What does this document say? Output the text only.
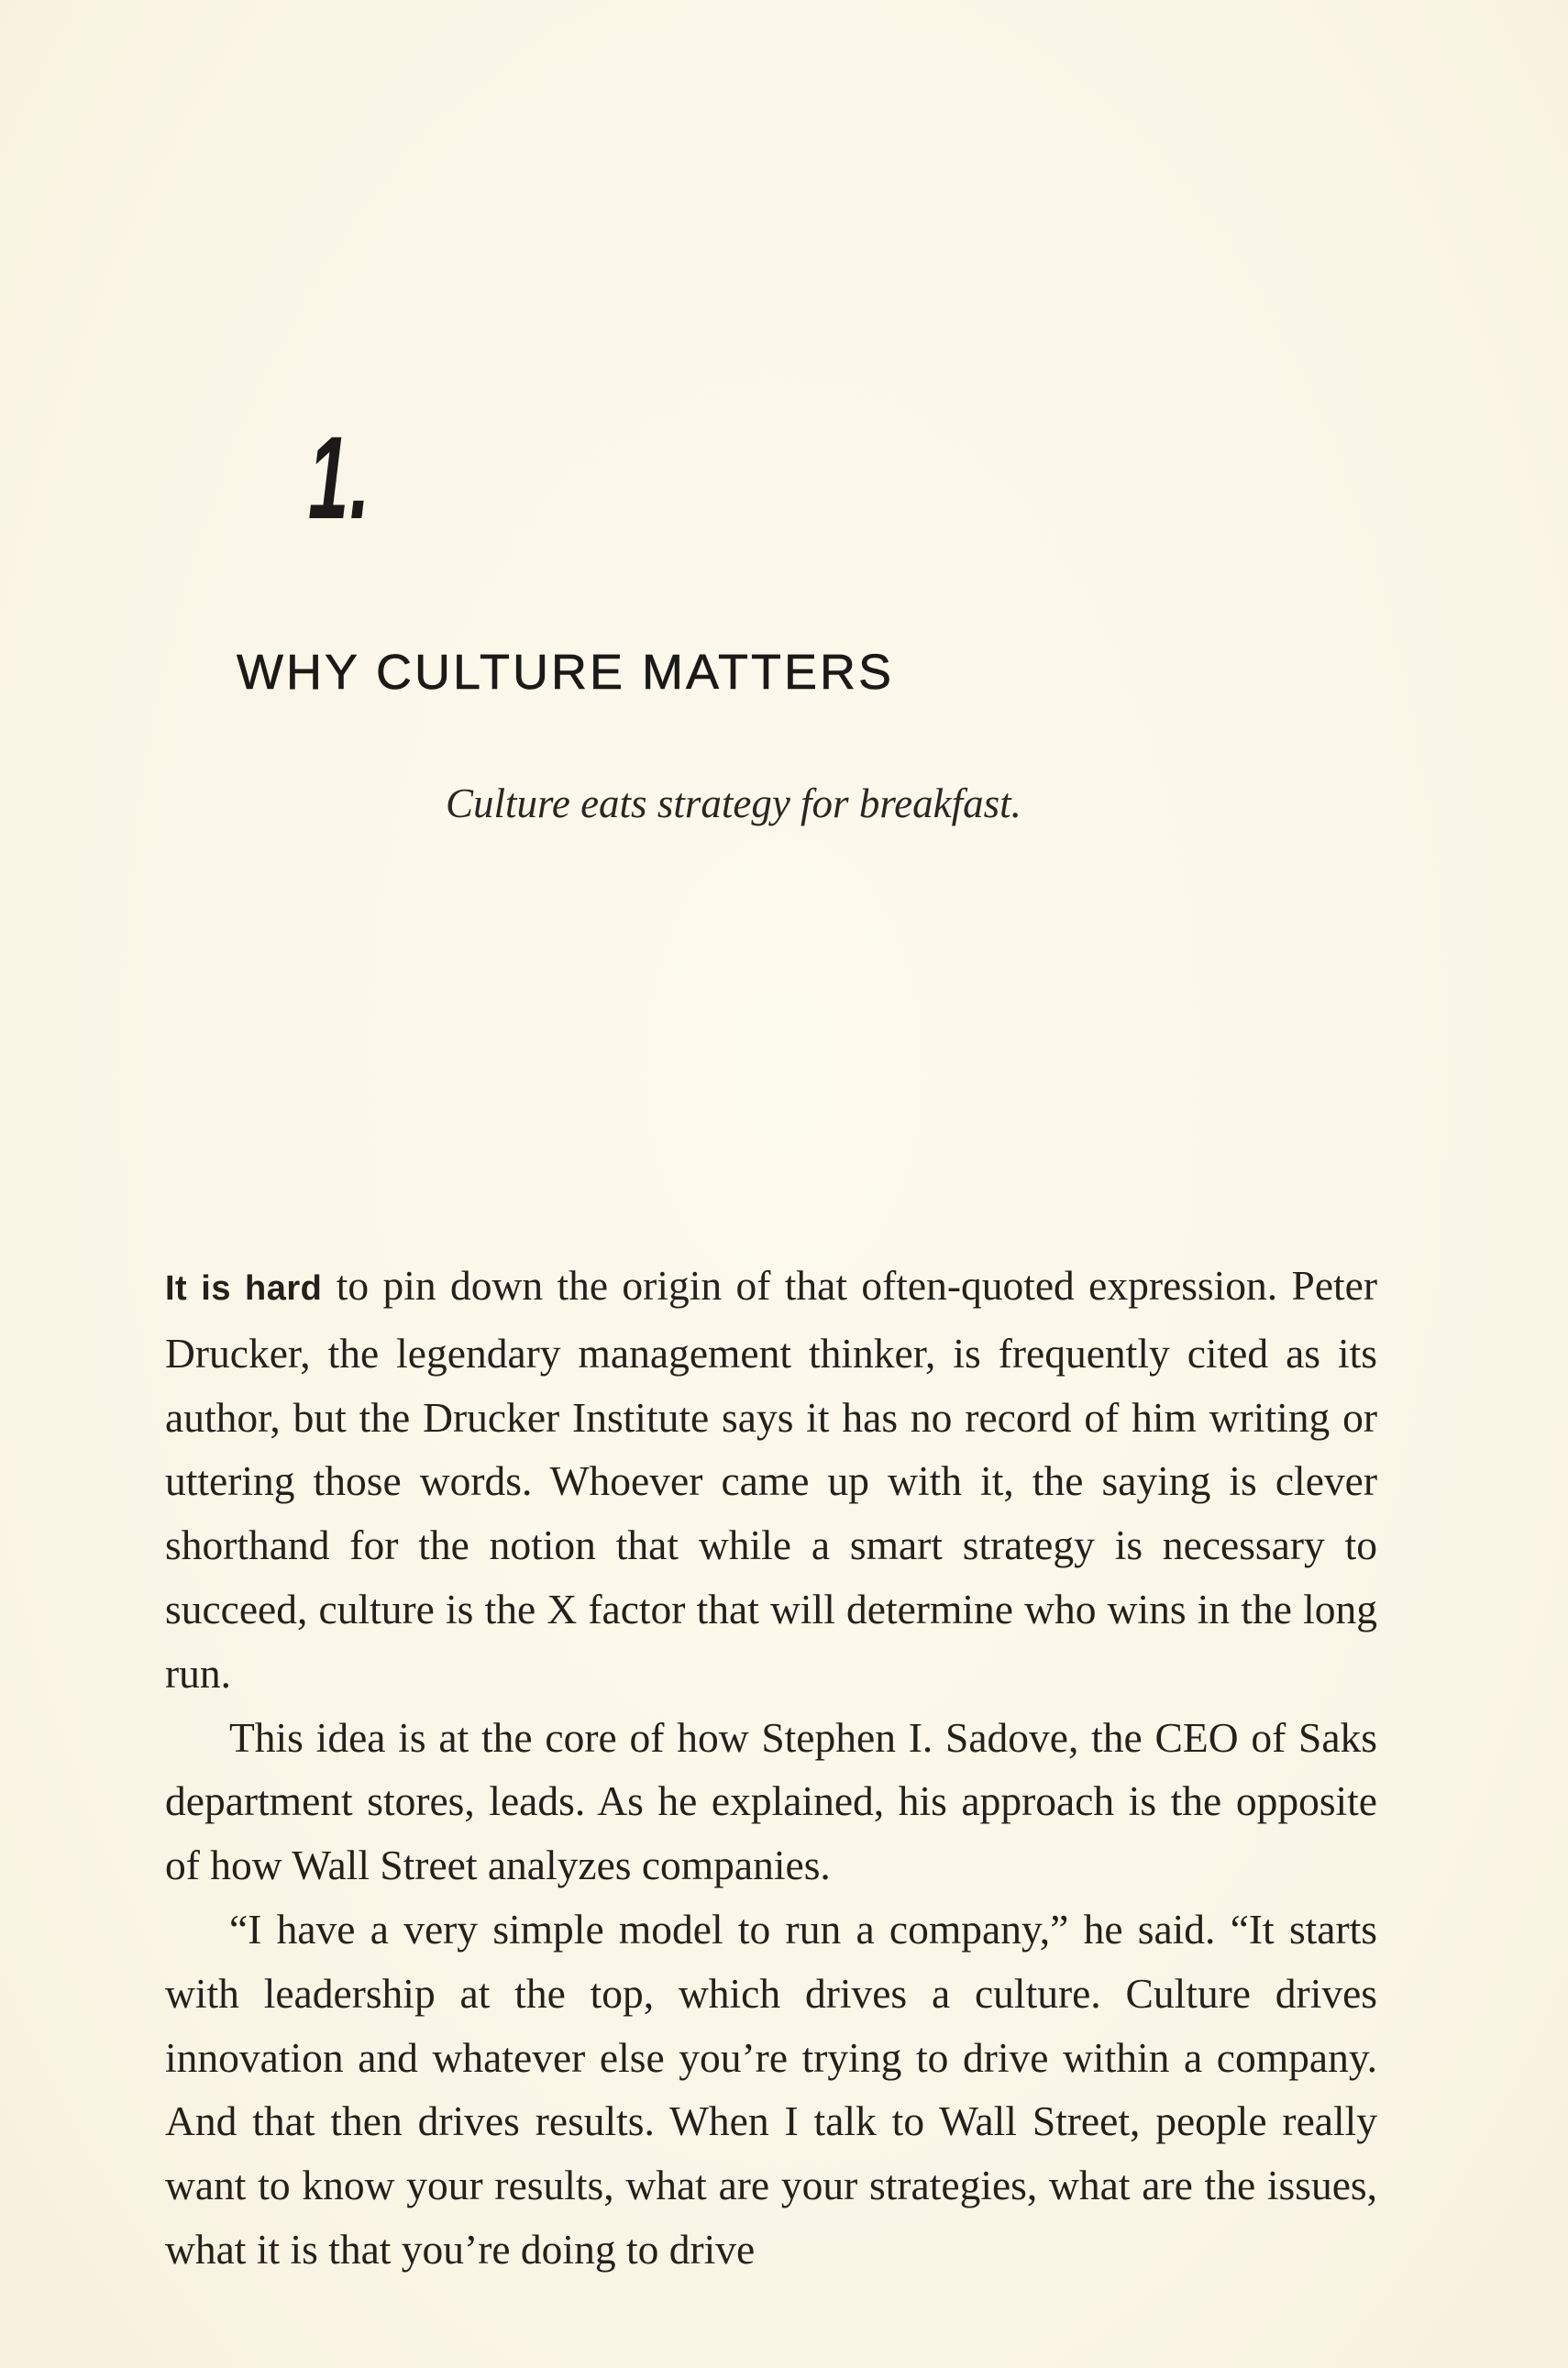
1.
WHY CULTURE MATTERS
Culture eats strategy for breakfast.

It is hard to pin down the origin of that often-quoted expression. Peter Drucker, the legendary management thinker, is frequently cited as its author, but the Drucker Institute says it has no record of him writing or uttering those words. Whoever came up with it, the saying is clever shorthand for the notion that while a smart strategy is necessary to succeed, culture is the X factor that will determine who wins in the long run.

This idea is at the core of how Stephen I. Sadove, the CEO of Saks department stores, leads. As he explained, his approach is the opposite of how Wall Street analyzes companies.

“I have a very simple model to run a company,” he said. “It starts with leadership at the top, which drives a culture. Culture drives innovation and whatever else you’re trying to drive within a company. And that then drives results. When I talk to Wall Street, people really want to know your results, what are your strategies, what are the issues, what it is that you’re doing to drive
